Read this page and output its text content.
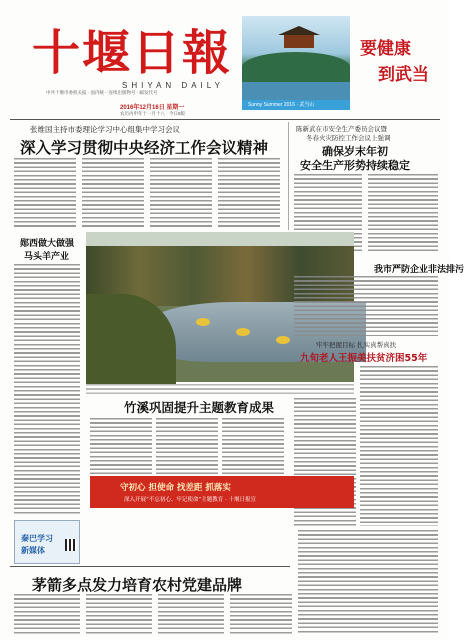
十堰日報
SHIYAN DAILY
中共十堰市委机关报 · 国内统一连续出版物号 · 邮发代号
2016年12月16日 星期一
农历丙申年十一月十八 · 今日8版
Sunny Summer 2016 · 武当山
要健康
到武当
张维国主持市委理论学习中心组集中学习会议
深入学习贯彻中央经济工作会议精神
陈新武在市安全生产委员会议暨
冬春火灾防控工作会议上强调
确保岁末年初
安全生产形势持续稳定
郧西做大做强
马头羊产业
我市严防企业非法排污
牢牢把握目标 扎实真帮真扶
九旬老人王振美扶贫济困55年
竹溪巩固提升主题教育成果
守初心 担使命 找差距 抓落实
深入开展“不忘初心、牢记使命”主题教育 · 十堰日报宣
秦巴学习
新媒体
茅箭多点发力培育农村党建品牌
